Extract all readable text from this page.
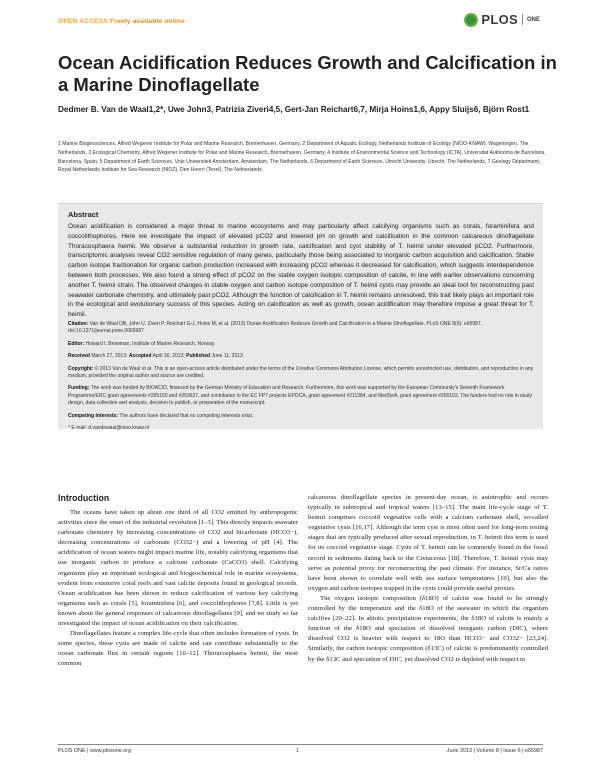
OPEN ACCESS Freely available online	PLOS ONE
Ocean Acidification Reduces Growth and Calcification in a Marine Dinoflagellate
Dedmer B. Van de Waal1,2*, Uwe John3, Patrizia Ziveri4,5, Gert-Jan Reichart6,7, Mirja Hoins1,6, Appy Sluijs6, Björn Rost1
1 Marine Biogeosciences, Alfred Wegener Institute for Polar and Marine Research, Bremerhaven, Germany, 2 Department of Aquatic Ecology, Netherlands Institute of Ecology (NIOO-KNAW), Wageningen, The Netherlands, 3 Ecological Chemistry, Alfred Wegener Institute for Polar and Marine Research, Bremerhaven, Germany, 4 Institute of Environmental Science and Technology (ICTA), Universitat Autònoma de Barcelona, Barcelona, Spain, 5 Department of Earth Sciences, Vrije Universiteit Amsterdam, Amsterdam, The Netherlands, 6 Department of Earth Sciences, Utrecht University, Utrecht, The Netherlands, 7 Geology Department, Royal Netherlands Institute for Sea Research (NIOZ), Den Hoorn (Texel), The Netherlands
Abstract
Ocean acidification is considered a major threat to marine ecosystems and may particularly affect calcifying organisms such as corals, foraminifera and coccolithophores. Here we investigate the impact of elevated pCO2 and lowered pH on growth and calcification in the common calcareous dinoflagellate Thoracosphaera heimii. We observe a substantial reduction in growth rate, calcification and cyst stability of T. heimii under elevated pCO2. Furthermore, transcriptomic analyses reveal CO2 sensitive regulation of many genes, particularly those being associated to inorganic carbon acquisition and calcification. Stable carbon isotope fractionation for organic carbon production increased with increasing pCO2 whereas it decreased for calcification, which suggests interdependence between both processes. We also found a strong effect of pCO2 on the stable oxygen isotopic composition of calcite, in line with earlier observations concerning another T. heimii strain. The observed changes in stable oxygen and carbon isotope composition of T. heimii cysts may provide an ideal tool for reconstructing past seawater carbonate chemistry, and ultimately past pCO2. Although the function of calcification in T. heimii remains unresolved, this trait likely plays an important role in the ecological and evolutionary success of this species. Acting on calcification as well as growth, ocean acidification may therefore impose a great threat for T. heimii.
Citation: Van de Waal DB, John U, Ziveri P, Reichart G-J, Hoins M, et al. (2013) Ocean Acidification Reduces Growth and Calcification in a Marine Dinoflagellate. PLoS ONE 8(6): e65987. doi:10.1371/journal.pone.0065987
Editor: Howard I. Browman, Institute of Marine Research, Norway
Received March 27, 2013; Accepted April 30, 2013; Published June 11, 2013
Copyright: © 2013 Van de Waal et al. This is an open-access article distributed under the terms of the Creative Commons Attribution License, which permits unrestricted use, distribution, and reproduction in any medium, provided the original author and source are credited.
Funding: The work was funded by BIOACID, financed by the German Ministry of Education and Research. Furthermore, this work was supported by the European Community's Seventh Framework Programme/ERC grant agreements #205150 and #259627, and contributes to the EC FP7 projects EPOCA, grant agreement #211384, and MedSeA, grant agreement #265103. The funders had no role in study design, data collection and analysis, decision to publish, or preparation of the manuscript.
Competing Interests: The authors have declared that no competing interests exist.
* E-mail: d.vandewaal@nioo.knaw.nl
Introduction

The oceans have taken up about one third of all CO2 emitted by anthropogenic activities since the onset of the industrial revolution [1–3]. This directly impacts seawater carbonate chemistry by increasing concentrations of CO2 and bicarbonate (HCO3−), decreasing concentrations of carbonate (CO32−) and a lowering of pH [4]. The acidification of ocean waters might impact marine life, notably calcifying organisms that use inorganic carbon to produce a calcium carbonate (CaCO3) shell. Calcifying organisms play an important ecological and biogeochemical role in marine ecosystems, evident from extensive coral reefs and vast calcite deposits found in geological records. Ocean acidification has been shown to reduce calcification of various key calcifying organisms such as corals [5], foraminifera [6], and coccolithophores [7,8]. Little is yet known about the general responses of calcareous dinoflagellates [9], and no study so far investigated the impact of ocean acidification on their calcification.

Dinoflagellates feature a complex life-cycle that often includes formation of cysts. In some species, these cysts are made of calcite and can contribute substantially to the ocean carbonate flux in certain regions [10–12]. Thoracosphaera heimii, the most common

calcareous dinoflagellate species in present-day ocean, is autotrophic and occurs typically in subtropical and tropical waters [13–15]. The main life-cycle stage of T. heimii comprises coccoid vegetative cells with a calcium carbonate shell, so-called vegetative cysts [16,17]. Although the term cyst is most often used for long-term resting stages that are typically produced after sexual reproduction, in T. heimii this term is used for its coccoid vegetative stage. Cysts of T. heimii can be commonly found in the fossil record in sediments dating back to the Cretaceous [18]. Therefore, T. heimii cysts may serve as potential proxy for reconstructing the past climate. For instance, Sr/Ca ratios have been shown to correlate well with sea surface temperatures [19], but also the oxygen and carbon isotopes trapped in the cysts could provide useful proxies.

The oxygen isotopic composition (δ18O) of calcite was found to be strongly controlled by the temperature and the δ18O of the seawater in which the organism calcifies [20–22]. In abiotic precipitation experiments, the δ18O of calcite is mainly a function of the δ18O and speciation of dissolved inorganic carbon (DIC), where dissolved CO2 is heavier with respect to 18O than HCO3− and CO32− [23,24]. Similarly, the carbon isotopic composition (δ13C) of calcite is predominantly controlled by the δ13C and speciation of DIC, yet dissolved CO2 is depleted with respect to

PLOS ONE | www.plosone.org	1	June 2013 | Volume 8 | Issue 6 | e65987
